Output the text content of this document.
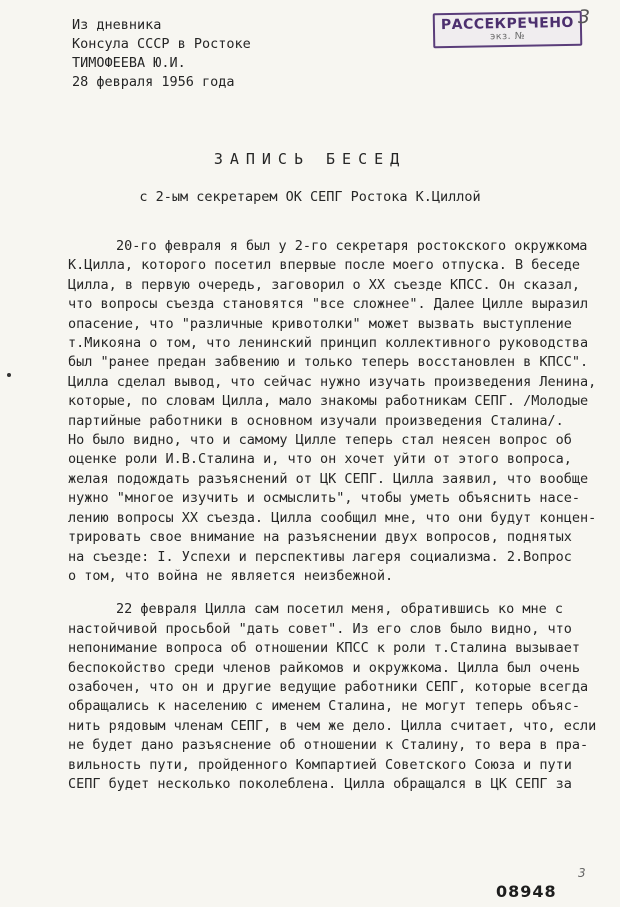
Из дневника
Консула СССР в Ростоке
ТИМОФЕЕВА Ю.И.
28 февраля 1956 года
РАССЕКРЕЧЕНО
экз. №
3
ЗАПИСЬ БЕСЕД
с 2-ым секретарем ОК СЕПГ Ростока К.Циллой
20-го февраля я был у 2-го секретаря ростокского окружкома
К.Цилла, которого посетил впервые после моего отпуска. В беседе
Цилла, в первую очередь, заговорил о XX съезде КПСС. Он сказал,
что вопросы съезда становятся "все сложнее". Далее Цилле выразил
опасение, что "различные кривотолки" может вызвать выступление
т.Микояна о том, что ленинский принцип коллективного руководства
был "ранее предан забвению и только теперь восстановлен в КПСС".
Цилла сделал вывод, что сейчас нужно изучать произведения Ленина,
которые, по словам Цилла, мало знакомы работникам СЕПГ. /Молодые
партийные работники в основном изучали произведения Сталина/.
Но было видно, что и самому Цилле теперь стал неясен вопрос об
оценке роли И.В.Сталина и, что он хочет уйти от этого вопроса,
желая подождать разъяснений от ЦК СЕПГ. Цилла заявил, что вообще
нужно "многое изучить и осмыслить", чтобы уметь объяснить насе-
лению вопросы XX съезда. Цилла сообщил мне, что они будут концен-
трировать свое внимание на разъяснении двух вопросов, поднятых
на съезде: I. Успехи и перспективы лагеря социализма. 2.Вопрос
о том, что война не является неизбежной.
22 февраля Цилла сам посетил меня, обратившись ко мне с
настойчивой просьбой "дать совет". Из его слов было видно, что
непонимание вопроса об отношении КПСС к роли т.Сталина вызывает
беспокойство среди членов райкомов и окружкома. Цилла был очень
озабочен, что он и другие ведущие работники СЕПГ, которые всегда
обращались к населению с именем Сталина, не могут теперь объяс-
нить рядовым членам СЕПГ, в чем же дело. Цилла считает, что, если
не будет дано разъяснение об отношении к Сталину, то вера в пра-
вильность пути, пройденного Компартией Советского Союза и пути
СЕПГ будет несколько поколеблена. Цилла обращался в ЦК СЕПГ за
3
08948
